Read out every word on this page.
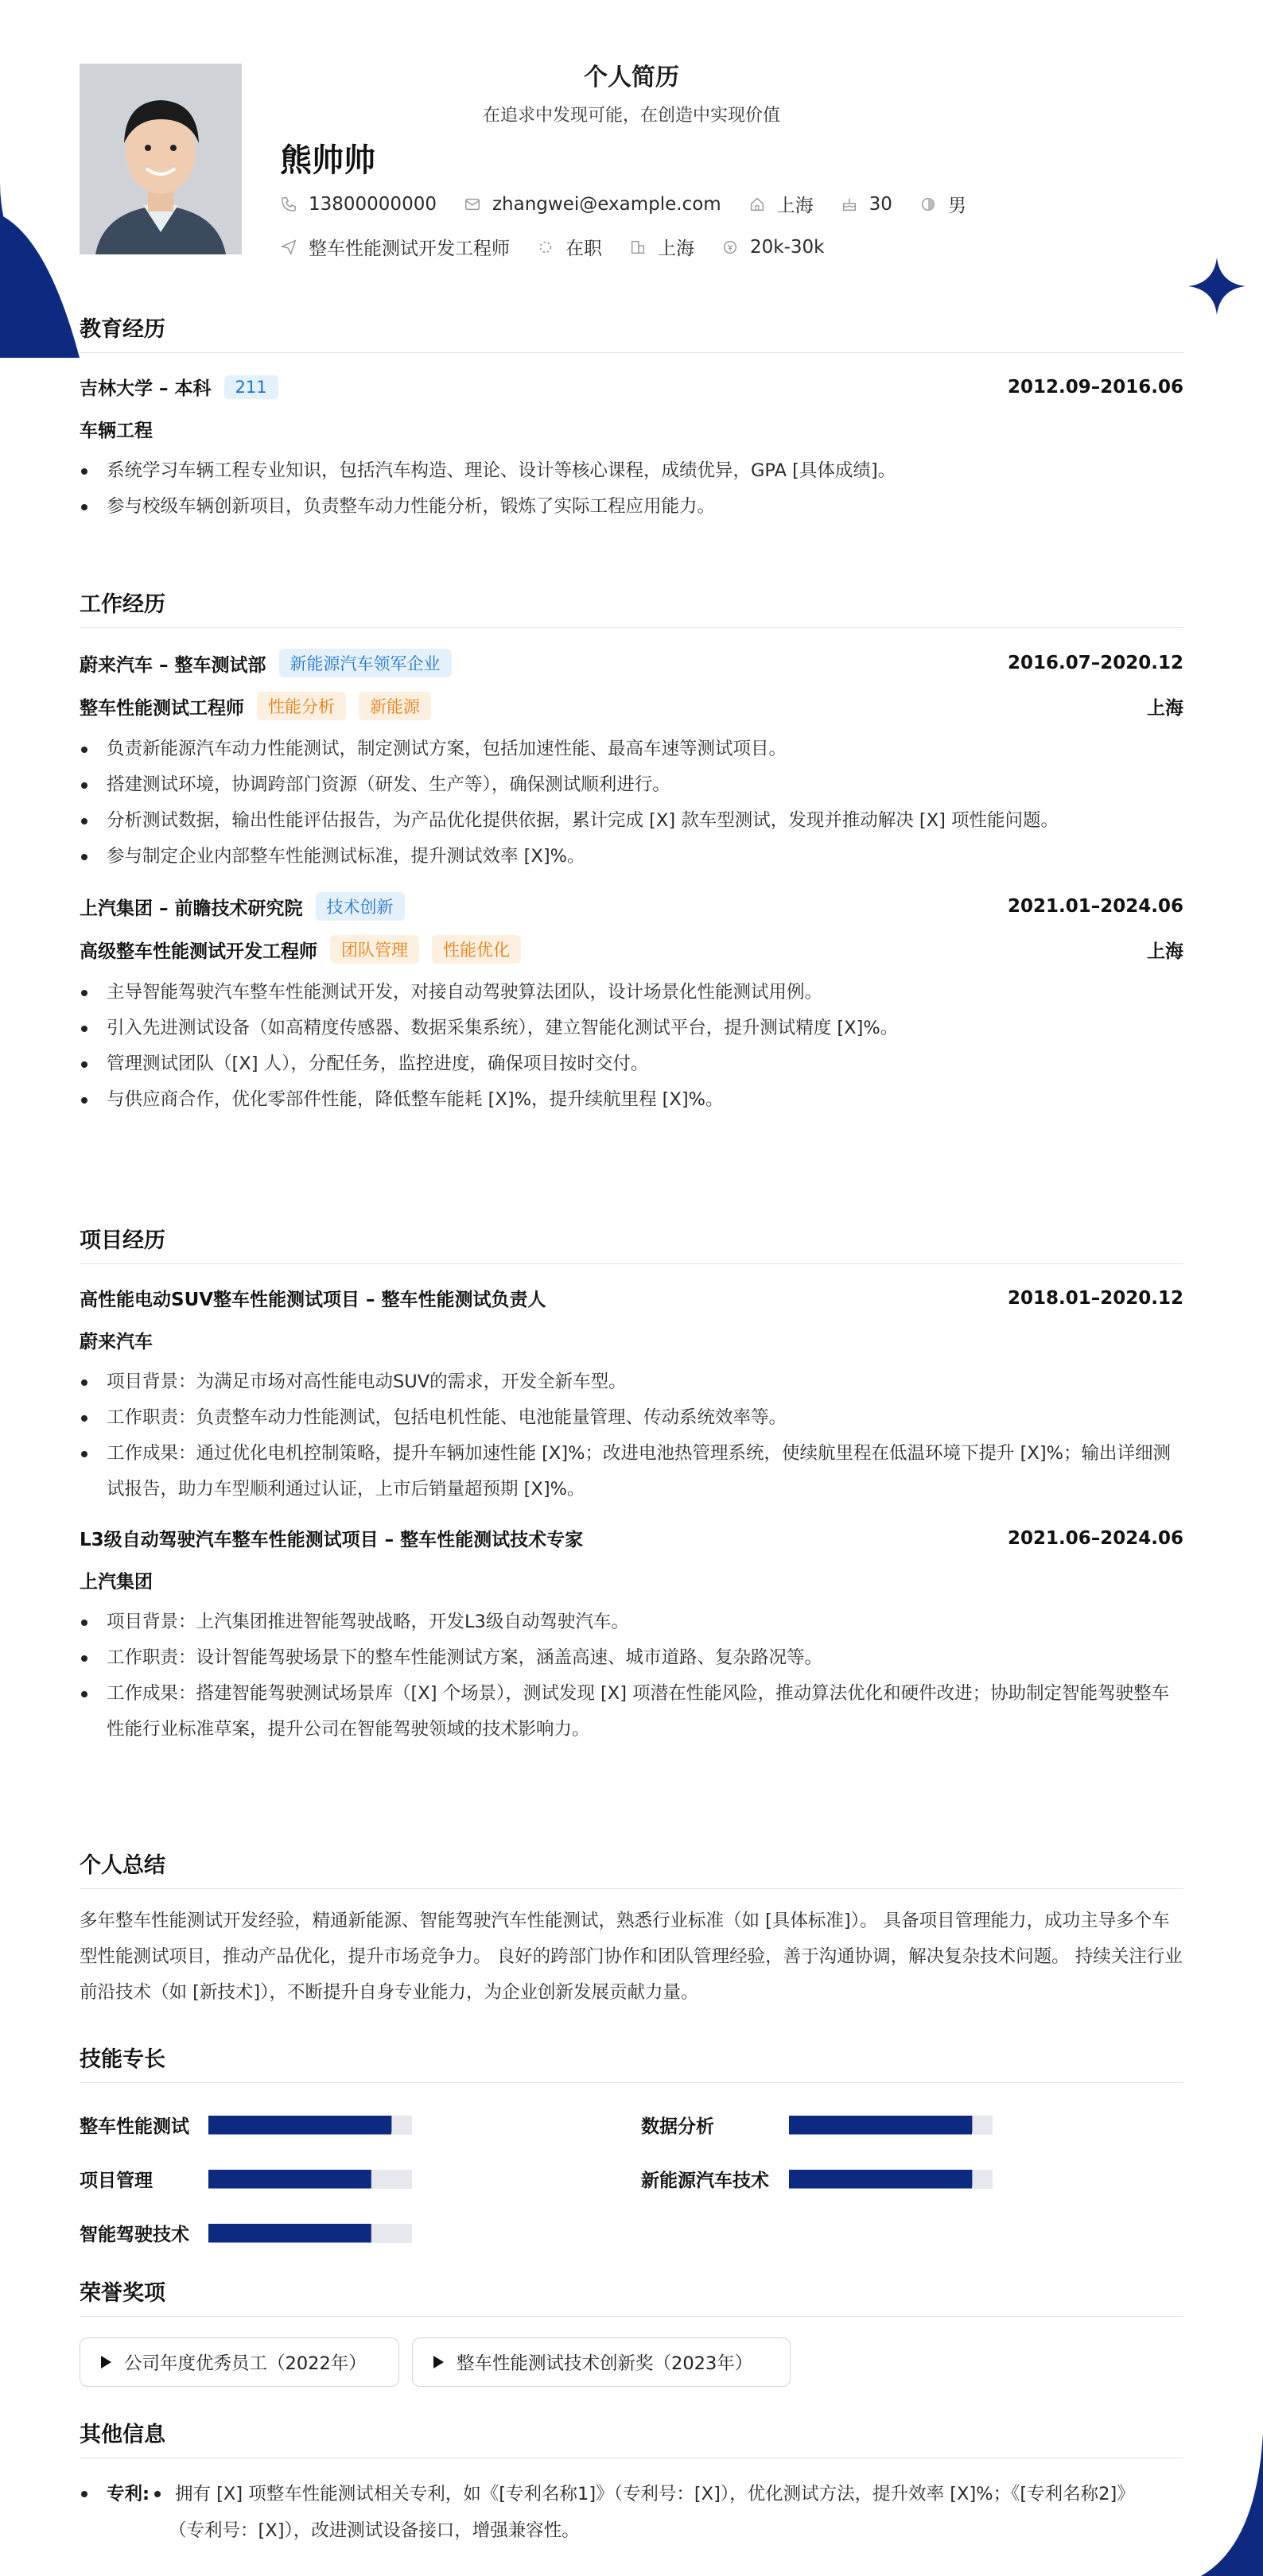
个人简历
在追求中发现可能，在创造中实现价值
熊帅帅
13800000000	zhangwei@example.com	上海	30	男
整车性能测试开发工程师	在职	上海	20k-30k
教育经历
吉林大学 – 本科	211	2012.09–2016.06
车辆工程
系统学习车辆工程专业知识，包括汽车构造、理论、设计等核心课程，成绩优异，GPA [具体成绩]。
参与校级车辆创新项目，负责整车动力性能分析，锻炼了实际工程应用能力。
工作经历
蔚来汽车 – 整车测试部	新能源汽车领军企业	2016.07–2020.12
整车性能测试工程师	性能分析	新能源	上海
负责新能源汽车动力性能测试，制定测试方案，包括加速性能、最高车速等测试项目。
搭建测试环境，协调跨部门资源（研发、生产等），确保测试顺利进行。
分析测试数据，输出性能评估报告，为产品优化提供依据，累计完成 [X] 款车型测试，发现并推动解决 [X] 项性能问题。
参与制定企业内部整车性能测试标准，提升测试效率 [X]%。
上汽集团 – 前瞻技术研究院	技术创新	2021.01–2024.06
高级整车性能测试开发工程师	团队管理	性能优化	上海
主导智能驾驶汽车整车性能测试开发，对接自动驾驶算法团队，设计场景化性能测试用例。
引入先进测试设备（如高精度传感器、数据采集系统），建立智能化测试平台，提升测试精度 [X]%。
管理测试团队（[X] 人），分配任务，监控进度，确保项目按时交付。
与供应商合作，优化零部件性能，降低整车能耗 [X]%，提升续航里程 [X]%。
项目经历
高性能电动SUV整车性能测试项目 – 整车性能测试负责人	2018.01–2020.12
蔚来汽车
项目背景：为满足市场对高性能电动SUV的需求，开发全新车型。
工作职责：负责整车动力性能测试，包括电机性能、电池能量管理、传动系统效率等。
工作成果：通过优化电机控制策略，提升车辆加速性能 [X]%；改进电池热管理系统，使续航里程在低温环境下提升 [X]%；输出详细测试报告，助力车型顺利通过认证，上市后销量超预期 [X]%。
L3级自动驾驶汽车整车性能测试项目 – 整车性能测试技术专家	2021.06–2024.06
上汽集团
项目背景：上汽集团推进智能驾驶战略，开发L3级自动驾驶汽车。
工作职责：设计智能驾驶场景下的整车性能测试方案，涵盖高速、城市道路、复杂路况等。
工作成果：搭建智能驾驶测试场景库（[X] 个场景），测试发现 [X] 项潜在性能风险，推动算法优化和硬件改进；协助制定智能驾驶整车性能行业标准草案，提升公司在智能驾驶领域的技术影响力。
个人总结
多年整车性能测试开发经验，精通新能源、智能驾驶汽车性能测试，熟悉行业标准（如 [具体标准]）。 具备项目管理能力，成功主导多个车型性能测试项目，推动产品优化，提升市场竞争力。 良好的跨部门协作和团队管理经验，善于沟通协调，解决复杂技术问题。 持续关注行业前沿技术（如 [新技术]），不断提升自身专业能力，为企业创新发展贡献力量。
技能专长
整车性能测试	数据分析
项目管理	新能源汽车技术
智能驾驶技术
荣誉奖项
公司年度优秀员工（2022年）	整车性能测试技术创新奖（2023年）
其他信息
专利: 拥有 [X] 项整车性能测试相关专利，如《[专利名称1]》（专利号：[X]），优化测试方法，提升效率 [X]%；《[专利名称2]》
（专利号：[X]），改进测试设备接口，增强兼容性。
